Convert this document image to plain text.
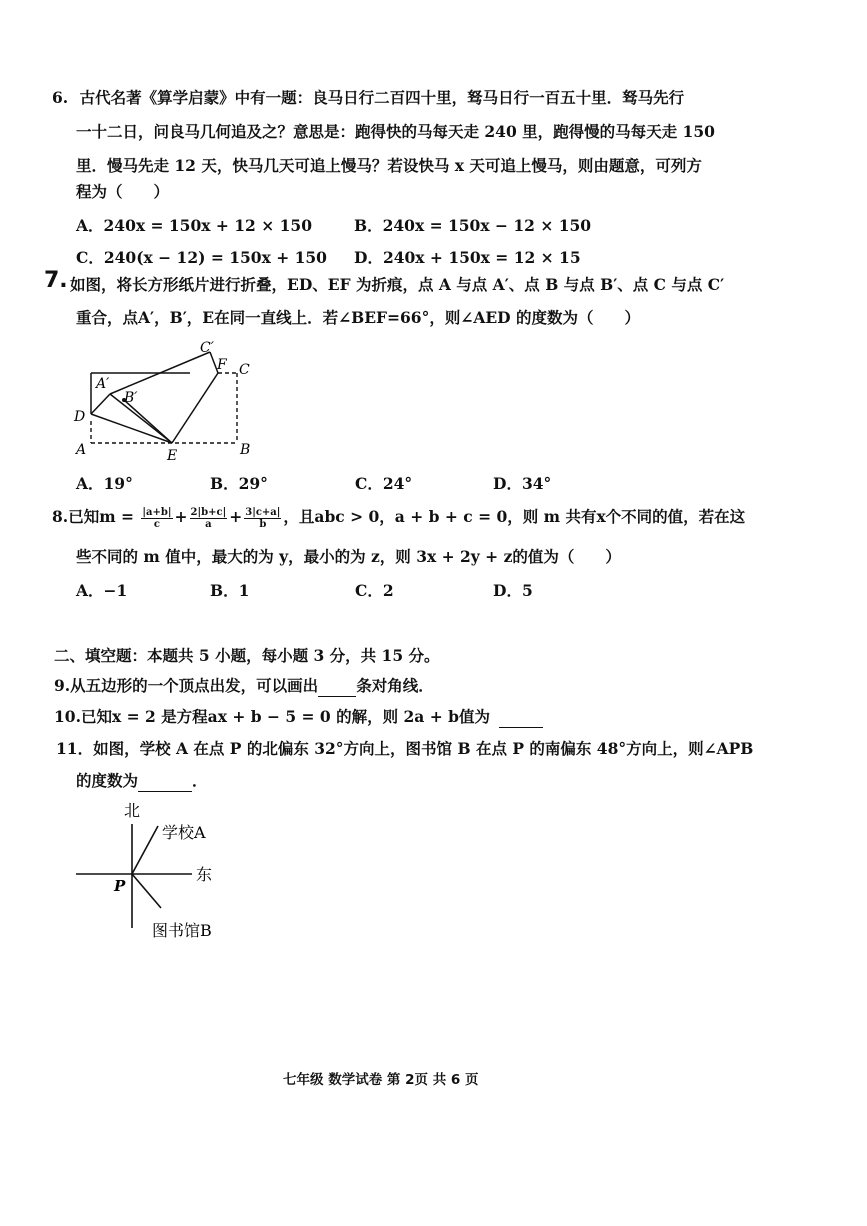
6. 古代名著《算学启蒙》中有一题：良马日行二百四十里，驽马日行一百五十里．驽马先行
一十二日，问良马几何追及之？意思是：跑得快的马每天走 240 里，跑得慢的马每天走 150
里．慢马先走 12 天，快马几天可追上慢马？若设快马 x 天可追上慢马，则由题意，可列方
程为（　　）
A．240x = 150x + 12 × 150	B．240x = 150x − 12 × 150
C．240(x − 12) = 150x + 150 D．240x + 150x = 12 × 15
7. 如图，将长方形纸片进行折叠，ED、EF 为折痕，点 A 与点 A′、点 B 与点 B′、点 C 与点 C′
重合，点A′，B′，E在同一直线上．若∠BEF=66°，则∠AED 的度数为（　　）
C′
F C
A′
B′
D
A	E	B
A．19°	B．29°	C．24°	D．34°
8.已知$m = \frac{|a+b|}{c} + \frac{2|b+c|}{a} + \frac{3|c+a|}{b}$ ，且abc > 0，a + b + c = 0，则 m 共有x个不同的值，若在这
些不同的 m 值中，最大的为 y，最小的为 z，则 3x + 2y + z的值为（　　）
A．−1	B．1	C．2	D．5
二、填空题：本题共 5 小题，每小题 3 分，共 15 分。
9.从五边形的一个顶点出发，可以画出 条对角线．
10.已知x = 2 是方程ax + b − 5 = 0 的解，则 2a + b值为
11．如图，学校 A 在点 P 的北偏东 32°方向上，图书馆 B 在点 P 的南偏东 48°方向上，则∠APB
的度数为	．
北
东
学校A
图书馆B
P
七年级 数学试卷 第 2页 共 6 页
